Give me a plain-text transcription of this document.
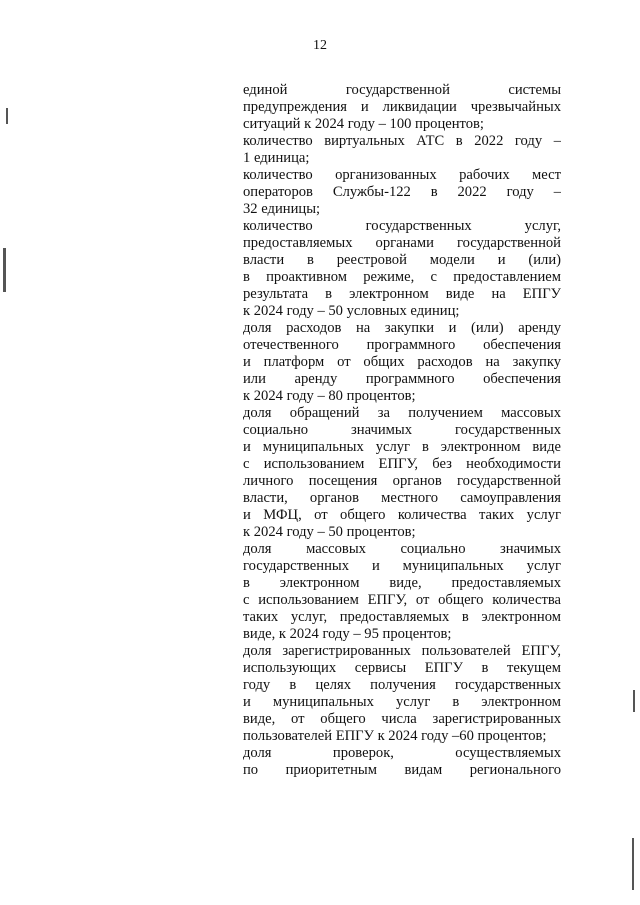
12
единой государственной системы
предупреждения и ликвидации чрезвычайных
ситуаций к 2024 году – 100 процентов;
количество виртуальных АТС в 2022 году –
1 единица;
количество организованных рабочих мест
операторов Службы-122 в 2022 году –
32 единицы;
количество государственных услуг,
предоставляемых органами государственной
власти в реестровой модели и (или)
в проактивном режиме, с предоставлением
результата в электронном виде на ЕПГУ
к 2024 году – 50 условных единиц;
доля расходов на закупки и (или) аренду
отечественного программного обеспечения
и платформ от общих расходов на закупку
или аренду программного обеспечения
к 2024 году – 80 процентов;
доля обращений за получением массовых
социально значимых государственных
и муниципальных услуг в электронном виде
с использованием ЕПГУ, без необходимости
личного посещения органов государственной
власти, органов местного самоуправления
и МФЦ, от общего количества таких услуг
к 2024 году – 50 процентов;
доля массовых социально значимых
государственных и муниципальных услуг
в электронном виде, предоставляемых
с использованием ЕПГУ, от общего количества
таких услуг, предоставляемых в электронном
виде, к 2024 году – 95 процентов;
доля зарегистрированных пользователей ЕПГУ,
использующих сервисы ЕПГУ в текущем
году в целях получения государственных
и муниципальных услуг в электронном
виде, от общего числа зарегистрированных
пользователей ЕПГУ к 2024 году –60 процентов;
доля проверок, осуществляемых
по приоритетным видам регионального
